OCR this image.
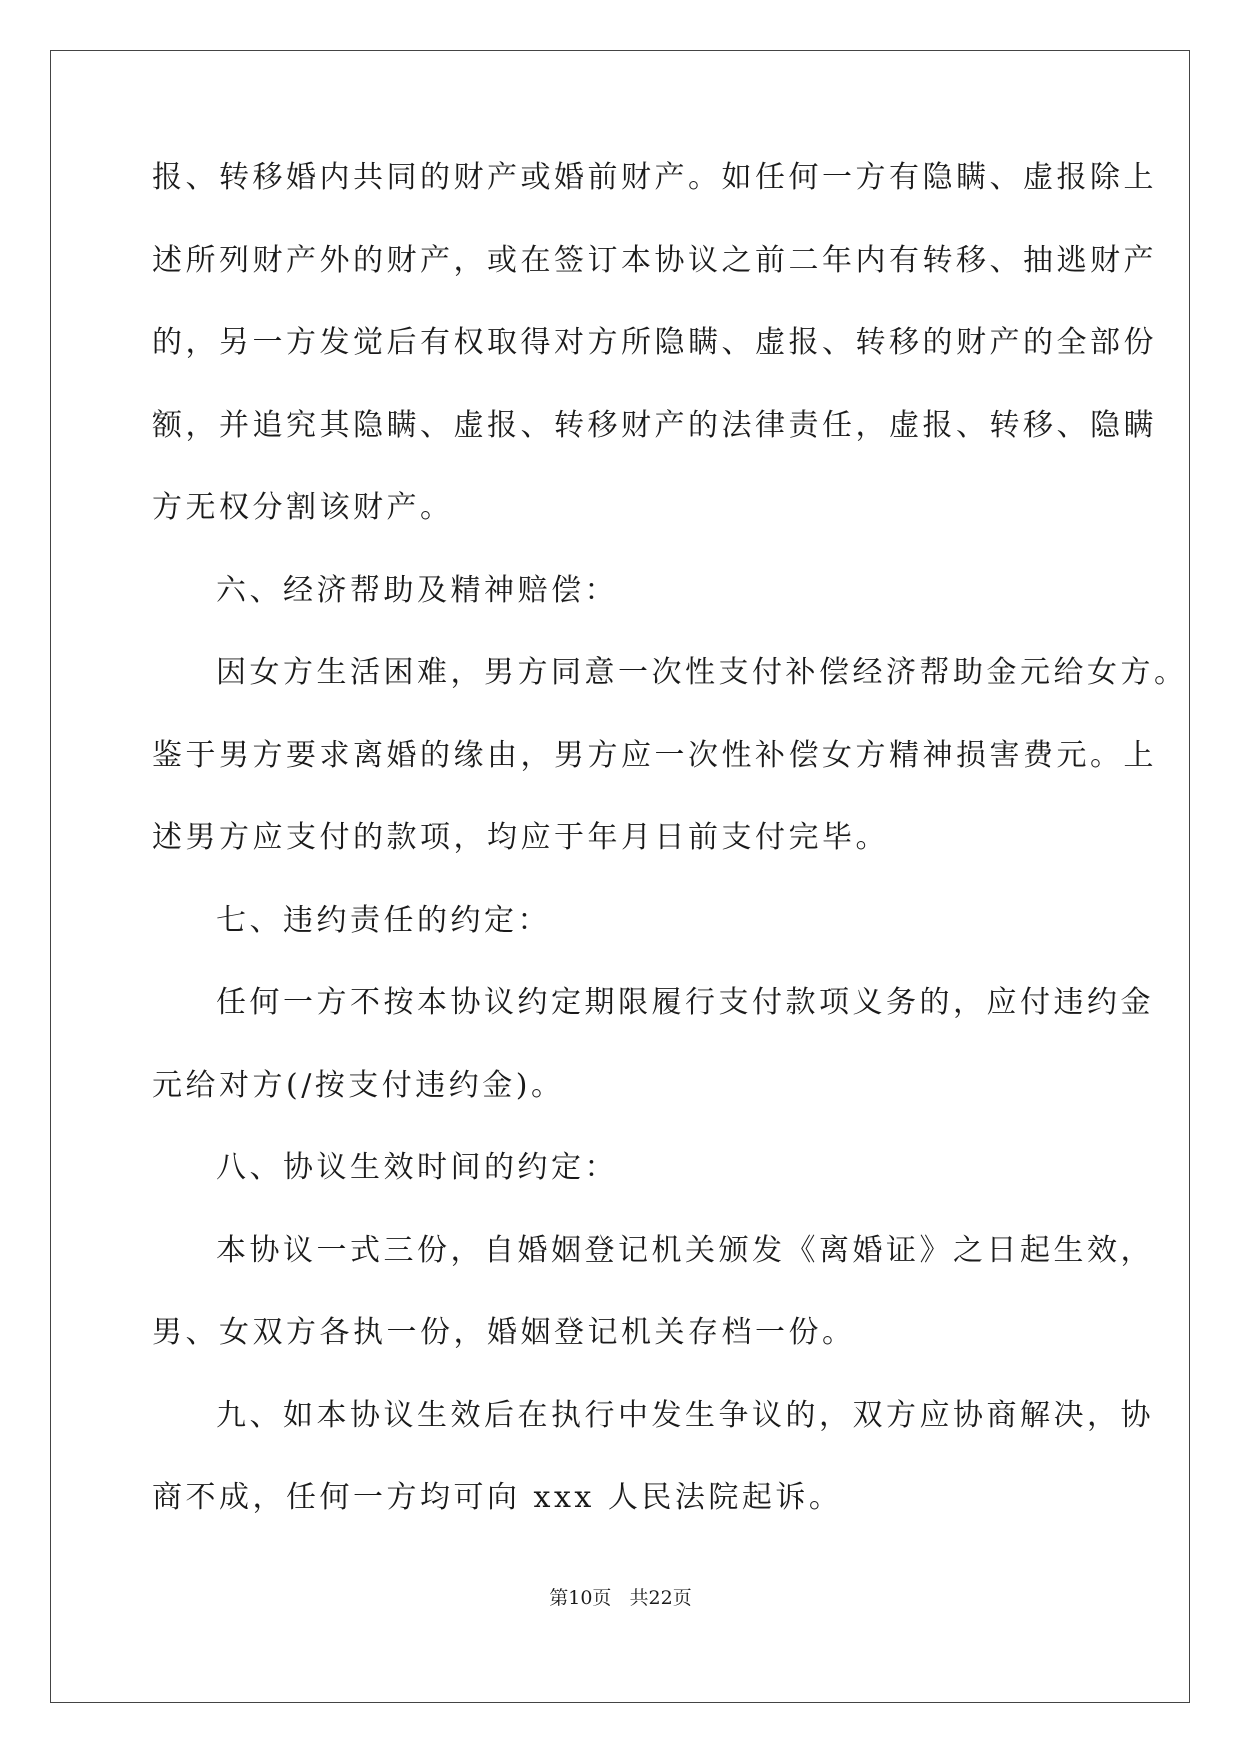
报、转移婚内共同的财产或婚前财产。如任何一方有隐瞒、虚报除上
述所列财产外的财产，或在签订本协议之前二年内有转移、抽逃财产
的，另一方发觉后有权取得对方所隐瞒、虚报、转移的财产的全部份
额，并追究其隐瞒、虚报、转移财产的法律责任，虚报、转移、隐瞒
方无权分割该财产。
六、经济帮助及精神赔偿：
因女方生活困难，男方同意一次性支付补偿经济帮助金元给女方。
鉴于男方要求离婚的缘由，男方应一次性补偿女方精神损害费元。上
述男方应支付的款项，均应于年月日前支付完毕。
七、违约责任的约定：
任何一方不按本协议约定期限履行支付款项义务的，应付违约金
元给对方(/按支付违约金)。
八、协议生效时间的约定：
本协议一式三份，自婚姻登记机关颁发《离婚证》之日起生效，
男、女双方各执一份，婚姻登记机关存档一份。
九、如本协议生效后在执行中发生争议的，双方应协商解决，协
商不成，任何一方均可向 xxx 人民法院起诉。
第10页   共22页
